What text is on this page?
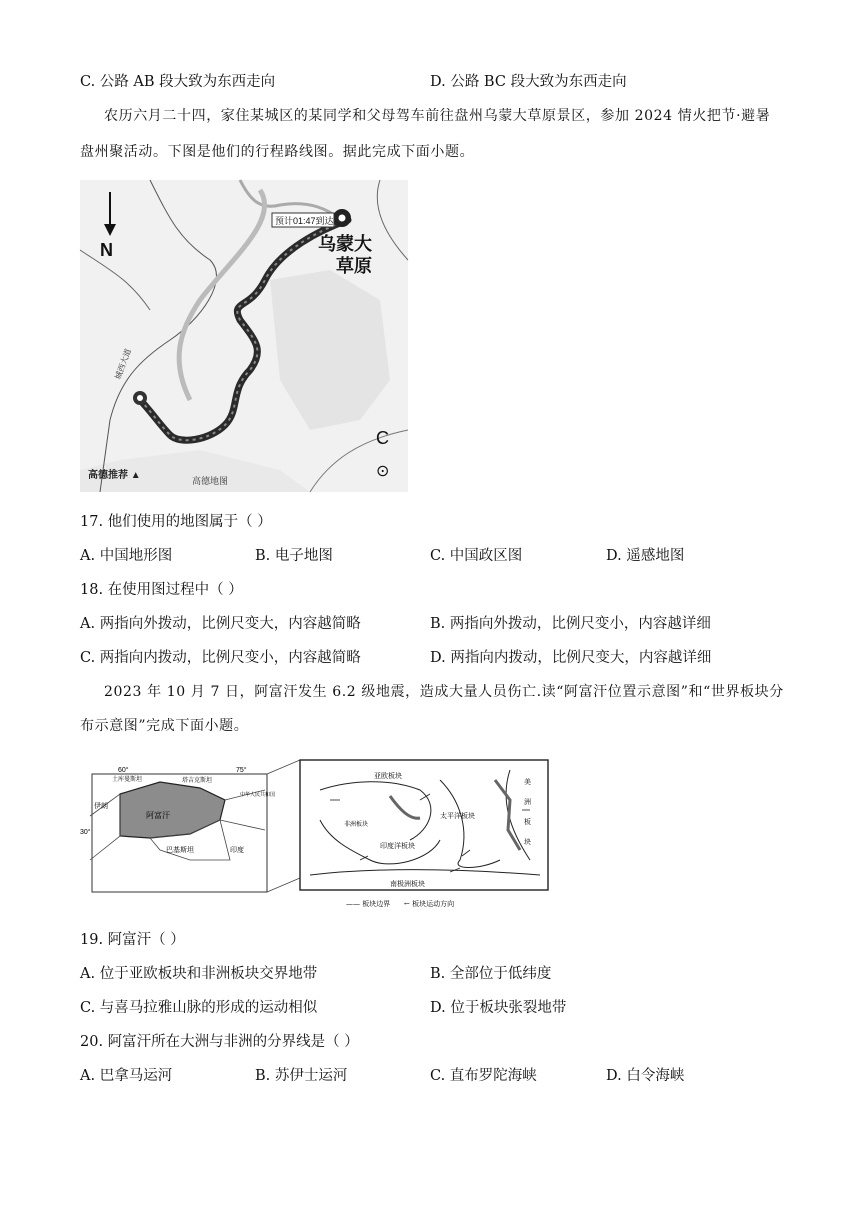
C. 公路 AB 段大致为东西走向	D. 公路 BC 段大致为东西走向
农历六月二十四，家住某城区的某同学和父母驾车前往盘州乌蒙大草原景区，参加 2024 情火把节·避暑
盘州聚活动。下图是他们的行程路线图。据此完成下面小题。
N
预计01:47到达
乌蒙大
草原
城西大道
C
⊙
高德推荐 ▲	高德地图
17. 他们使用的地图属于（ ）
A. 中国地形图	B. 电子地图	C. 中国政区图	D. 遥感地图
18. 在使用图过程中（ ）
A. 两指向外拨动，比例尺变大，内容越简略	B. 两指向外拨动，比例尺变小，内容越详细
C. 两指向内拨动，比例尺变小，内容越简略	D. 两指向内拨动，比例尺变大，内容越详细
2023 年 10 月 7 日，阿富汗发生 6.2 级地震，造成大量人员伤亡.读“阿富汗位置示意图”和“世界板块分
布示意图”完成下面小题。
60°	75°
30°
土库曼斯坦	塔吉克斯坦
伊朗
阿富汗
巴基斯坦	印度
中华人民共和国
亚欧板块
太平洋板块
印度洋板块
南极洲板块
非洲板块
美
洲
板
块
—— 板块边界 ← 板块运动方向
19. 阿富汗（ ）
A. 位于亚欧板块和非洲板块交界地带	B. 全部位于低纬度
C. 与喜马拉雅山脉的形成的运动相似	D. 位于板块张裂地带
20. 阿富汗所在大洲与非洲的分界线是（ ）
A. 巴拿马运河	B. 苏伊士运河	C. 直布罗陀海峡	D. 白令海峡
